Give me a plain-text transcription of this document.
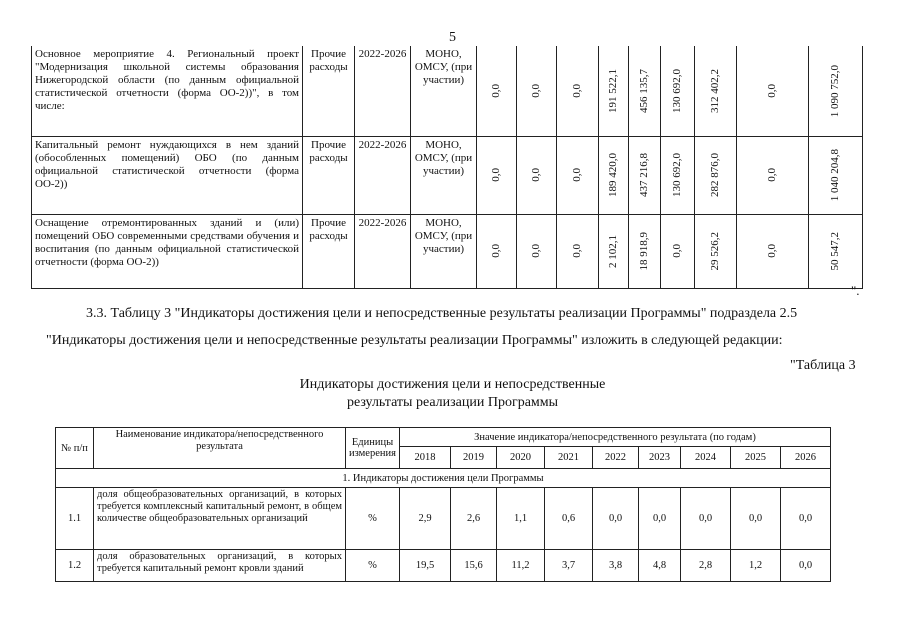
5
Основное мероприятие 4. Региональный проект "Модернизация школьной системы образования Нижегородской области (по данным официальной статистической отчетности (форма ОО-2))", в том числе:	Прочие расходы	2022-2026	МОНО, ОМСУ, (при участии)	0,0	0,0	0,0	191 522,1	456 135,7	130 692,0	312 402,2	0,0	1 090 752,0

Капитальный ремонт нуждающихся в нем зданий (обособленных помещений) ОБО (по данным официальной статистической отчетности (форма ОО-2))	Прочие расходы	2022-2026	МОНО, ОМСУ, (при участии)	0,0	0,0	0,0	189 420,0	437 216,8	130 692,0	282 876,0	0,0	1 040 204,8

Оснащение отремонтированных зданий и (или) помещений ОБО современными средствами обучения и воспитания (по данным официальной статистической отчетности (форма ОО-2))	Прочие расходы	2022-2026	МОНО, ОМСУ, (при участии)	0,0	0,0	0,0	2 102,1	18 918,9	0,0	29 526,2	0,0	50 547,2
".
3.3. Таблицу 3 "Индикаторы достижения цели и непосредственные результаты реализации Программы" подраздела 2.5
"Индикаторы достижения цели и непосредственные результаты реализации Программы" изложить в следующей редакции:
"Таблица 3
Индикаторы достижения цели и непосредственные
результаты реализации Программы
№ п/п	Наименование индикатора/непосредственного результата	Единицы измерения	Значение индикатора/непосредственного результата (по годам)								
			2018	2019	2020	2021	2022	2023	2024	2025	2026
1. Индикаторы достижения цели Программы											
1.1	доля общеобразовательных организаций, в которых требуется комплексный капитальный ремонт, в общем количестве общеобразовательных организаций	%	2,9	2,6	1,1	0,6	0,0	0,0	0,0	0,0	0,0
1.2	доля образовательных организаций, в которых требуется капитальный ремонт кровли зданий	%	19,5	15,6	11,2	3,7	3,8	4,8	2,8	1,2	0,0
